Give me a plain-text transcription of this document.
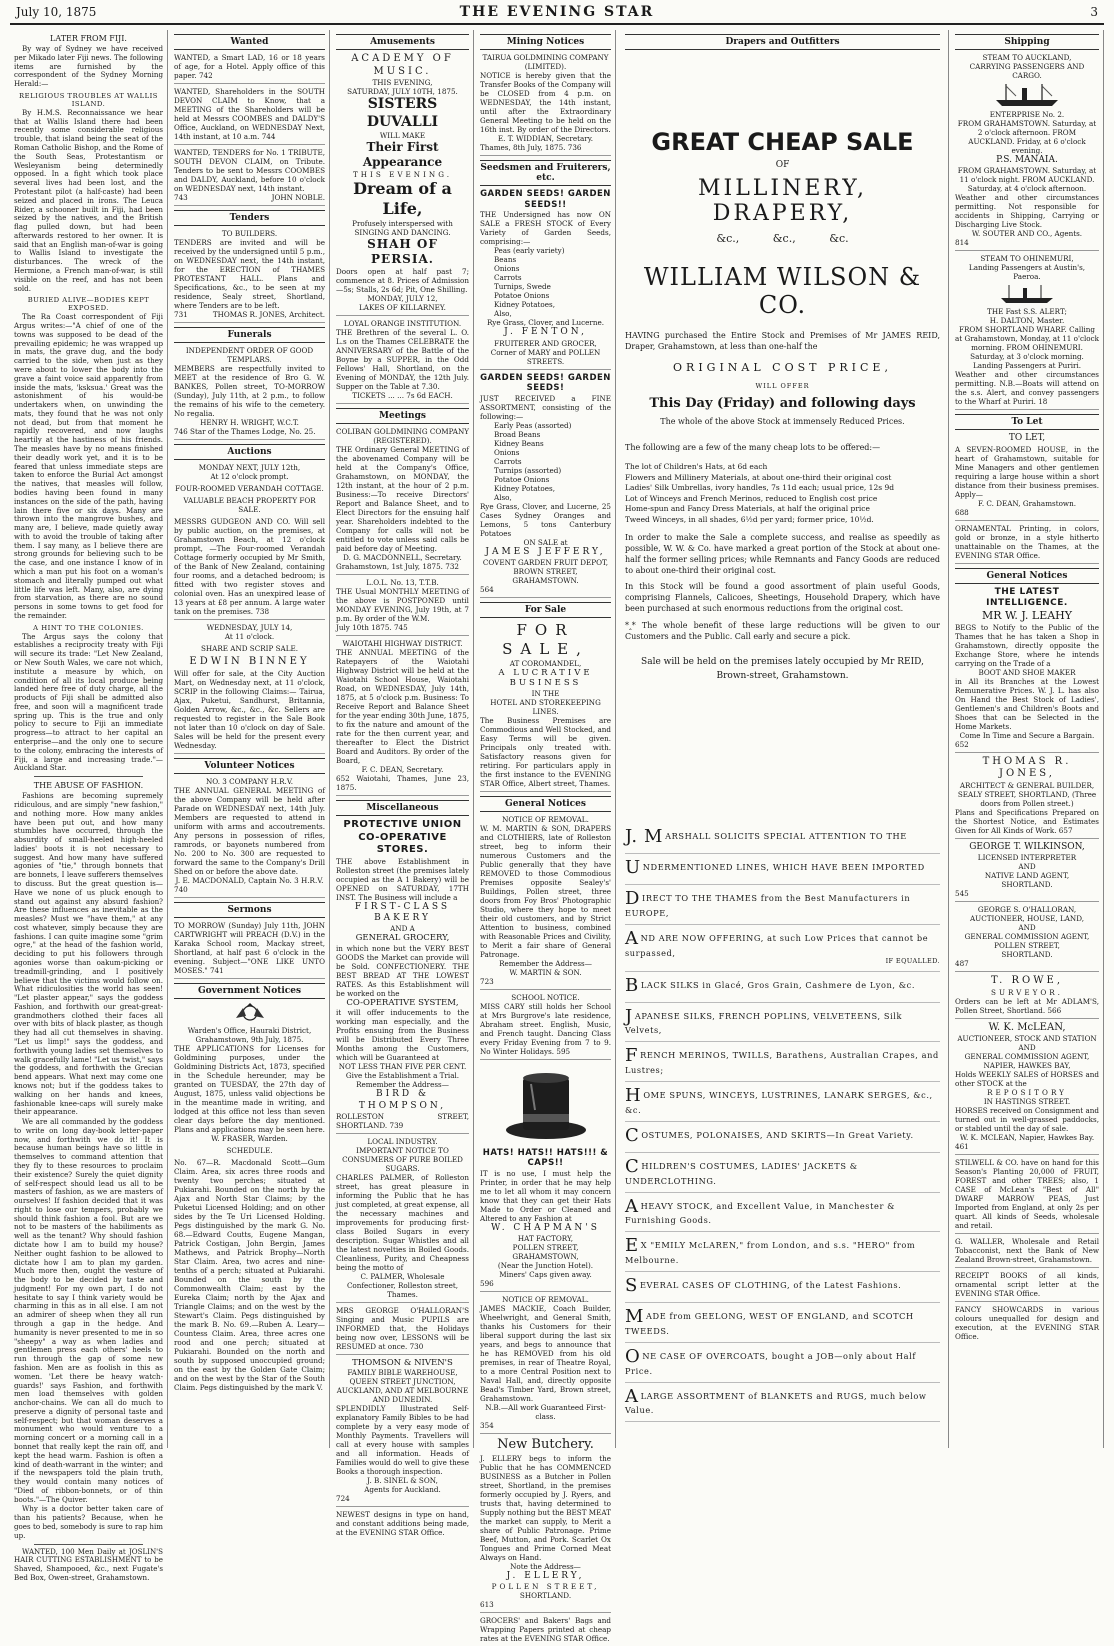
July 10, 1875	THE EVENING STAR	3
LATER FROM FIJI.

By way of Sydney we have received per Mikado later Fiji news. The following items are furnished by the correspondent of the Sydney Morning Herald:—

RELIGIOUS TROUBLES AT WALLIS ISLAND.

By H.M.S. Reconnaissance we hear that at Wallis Island there had been recently some considerable religious trouble, that island being the seat of the Roman Catholic Bishop, and the Rome of the South Seas, Protestantism or Wesleyanism being determinedly opposed. In a fight which took place several lives had been lost, and the Protestant pilot (a half-caste) had been seized and placed in irons. The Leuca Rider, a schooner built in Fiji, had been seized by the natives, and the British flag pulled down, but had been afterwards restored to her owner. It is said that an English man-of-war is going to Wallis Island to investigate the disturbances. The wreck of the Hermione, a French man-of-war, is still visible on the reef, and has not been sold.

BURIED ALIVE—BODIES KEPT EXPOSED.

The Ra Coast correspondent of Fiji Argus writes:—"A chief of one of the towns was supposed to be dead of the prevailing epidemic; he was wrapped up in mats, the grave dug, and the body carried to the side, when just as they were about to lower the body into the grave a faint voice said apparently from inside the mats, 'ksksua.' Great was the astonishment of his would-be undertakers when, on unwinding the mats, they found that he was not only not dead, but from that moment he rapidly recovered, and now laughs heartily at the hastiness of his friends. The measles have by no means finished their deadly work yet, and it is to be feared that unless immediate steps are taken to enforce the Burial Act amongst the natives, that measles will follow, bodies having been found in many instances on the side of the path, having lain there five or six days. Many are thrown into the mangrove bushes, and many are, I believe, made quietly away with to avoid the trouble of taking after them. I say many, as I believe there are strong grounds for believing such to be the case, and one instance I know of in which a man put his foot on a woman's stomach and literally pumped out what little life was left. Many, also, are dying from starvation, as there are no sound persons in some towns to get food for the remainder.

A HINT TO THE COLONIES.

The Argus says the colony that establishes a reciprocity treaty with Fiji will secure its trade: "Let New Zealand, or New South Wales, we care not which, institute a measure by which, on condition of all its local produce being landed here free of duty charge, all the products of Fiji shall be admitted also free, and soon will a magnificent trade spring up. This is the true and only policy to secure to Fiji an immediate progress—to attract to her capital an enterprise—and the only one to secure to the colony, embracing the interests of Fiji, a large and increasing trade."—Auckland Star.

THE ABUSE OF FASHION.

Fashions are becoming supremely ridiculous, and are simply "new fashion," and nothing more. How many ankles have been put out, and how many stumbles have occurred, through the absurdity of small-heeled high-heeled ladies' boots it is not necessary to suggest. And how many have suffered agonies of "tie," through bonnets that are bonnets, I leave sufferers themselves to discuss. But the great question is—Have we none of us pluck enough to stand out against any absurd fashion? Are these influences as inevitable as the measles? Must we "have them," at any cost whatever, simply because they are fashions. I can quite imagine some "grim ogre," at the head of the fashion world, deciding to put his followers through agonies worse than oakum-picking or treadmill-grinding, and I positively believe that the victims would follow on. What ridiculosities the world has seen! "Let plaster appear," says the goddess Fashion, and forthwith our great-great-grandmothers clothed their faces all over with bits of black plaster, as though they had all cut themselves in shaving. "Let us limp!" says the goddess, and forthwith young ladies set themselves to walk gracefully lame! "Let us twist," says the goddess, and forthwith the Grecian bend appears. What next may come one knows not; but if the goddess takes to walking on her hands and knees, fashionable knee-caps will surely make their appearance.

We are all commanded by the goddess to write on long day-book letter-paper now, and forthwith we do it! It is because human beings have so little in themselves to command attention that they fly to these resources to proclaim their existence? Surely the quiet dignity of self-respect should lead us all to be masters of fashion, as we are masters of ourselves! If fashion decided that it was right to lose our tempers, probably we should think fashion a fool. But are we not to be masters of the habiliments as well as the tenant? Why should fashion dictate how I am to build my house? Neither ought fashion to be allowed to dictate how I am to plan my garden. Much more then, ought the vesture of the body to be decided by taste and judgment! For my own part, I do not hesitate to say I think variety would be charming in this as in all else. I am not an admirer of sheep when they all run through a gap in the hedge. And humanity is never presented to me in so "sheepy" a way as when ladies and gentlemen press each others' heels to run through the gap of some new fashion. Men are as foolish in this as women. 'Let there be heavy watch-guards!' says Fashion, and forthwith men load themselves with golden anchor-chains. We can all do much to preserve a dignity of personal taste and self-respect; but that woman deserves a monument who would venture to a morning concert or a morning call in a bonnet that really kept the rain off, and kept the head warm. Fashion is often a kind of death-warrant in the winter; and if the newspapers told the plain truth, they would contain many notices of "Died of ribbon-bonnets, or of thin boots."—The Quiver.

Why is a doctor better taken care of than his patients? Because, when he goes to bed, somebody is sure to rap him up.

WANTED, 100 Men Daily at JOSLIN'S HAIR CUTTING ESTABLISHMENT to be Shaved, Shampooed, &c., next Fugate's Bed Box, Owen-street, Grahamstown.

Wanted
WANTED, a Smart LAD, 16 or 18 years of age, for a Hotel. Apply office of this paper. 742
WANTED, Shareholders in the SOUTH DEVON CLAIM to Know, that a MEETING of the Shareholders will be held at Messrs COOMBES and DALDY'S Office, Auckland, on WEDNESDAY Next, 14th instant, at 10 a.m. 744
WANTED, TENDERS for No. 1 TRIBUTE, SOUTH DEVON CLAIM, on Tribute. Tenders to be sent to Messrs COOMBES and DALDY, Auckland, before 10 o'clock on WEDNESDAY next, 14th instant.
743	JOHN NOBLE.
Tenders
TO BUILDERS.
TENDERS are invited and will be received by the undersigned until 5 p.m., on WEDNESDAY next, the 14th instant, for the ERECTION of THAMES PROTESTANT HALL. Plans and Specifications, &c., to be seen at my residence, Sealy street, Shortland, where Tenders are to be left.
731	THOMAS R. JONES, Architect.
Funerals
INDEPENDENT ORDER OF GOOD TEMPLARS.
MEMBERS are respectfully invited to MEET at the residence of Bro G. W. BANKES, Pollen street, TO-MORROW (Sunday), July 11th, at 2 p.m., to follow the remains of his wife to the cemetery. No regalia.
HENRY H. WRIGHT, W.C.T.
746 Star of the Thames Lodge, No. 25.
Auctions
MONDAY NEXT, JULY 12th,
At 12 o'clock prompt.
FOUR-ROOMED VERANDAH COTTAGE.
VALUABLE BEACH PROPERTY FOR SALE.
MESSRS GUDGEON AND CO. Will sell by public auction, on the premises, at Grahamstown Beach, at 12 o'clock prompt, —The Four-roomed Verandah Cottage formerly occupied by Mr Smith, of the Bank of New Zealand, containing four rooms, and a detached bedroom; is fitted with two register stoves and colonial oven. Has an unexpired lease of 13 years at £8 per annum. A large water tank on the premises. 738
WEDNESDAY, JULY 14,
At 11 o'clock.
SHARE AND SCRIP SALE.
EDWIN BINNEY
Will offer for sale, at the City Auction Mart, on Wednesday next, at 11 o'clock, SCRIP in the following Claims:— Tairua, Ajax, Puketui, Sandhurst, Britannia, Golden Arrow, &c., &c., &c. Sellers are requested to register in the Sale Book not later than 10 o'clock on day of Sale. Sales will be held for the present every Wednesday.
Volunteer Notices
NO. 3 COMPANY H.R.V.
THE ANNUAL GENERAL MEETING of the above Company will be held after Parade on WEDNESDAY next, 14th July. Members are requested to attend in uniform with arms and accoutrements. Any persons in possession of rifles, ramrods, or bayonets numbered from No. 200 to No. 300 are requested to forward the same to the Company's Drill Shed on or before the above date.
J. E. MACDONALD, Captain No. 3 H.R.V.
740
Sermons
TO MORROW (Sunday) July 11th, JOHN CARTWRIGHT will PREACH (D.V.) in the Karaka School room, Mackay street, Shortland, at half past 6 o'clock in the evening. Subject—"ONE LIKE UNTO MOSES." 741
Government Notices
Warden's Office, Hauraki District, Grahamstown, 9th July, 1875.
THE APPLICATIONS for Licenses for Goldmining purposes, under the Goldmining Districts Act, 1873, specified in the Schedule hereunder, may be granted on TUESDAY, the 27th day of August, 1875, unless valid objections be in the meantime made in writing, and lodged at this office not less than seven clear days before the day mentioned. Plans and applications may be seen here.
W. FRASER, Warden.
SCHEDULE.
No. 67—R. Macdonald Scott—Gum Claim. Area, six acres three roods and twenty two perches; situated at Pukiarahi. Bounded on the north by the Ajax and North Star Claims; by the Puketui Licensed Holding; and on other sides by the Te Uri Licensed Holding. Pegs distinguished by the mark G. No. 68.—Edward Coutts, Eugene Mangan, Patrick Costigan, John Bergin, James Mathews, and Patrick Brophy—North Star Claim. Area, two acres and nine-tenths of a perch; situated at Pukiarahi. Bounded on the south by the Commonwealth Claim; east by the Eureka Claim; north by the Ajax and Triangle Claims; and on the west by the Stewart's Claim. Pegs distinguished by the mark B. No. 69.—Ruben A. Leary—Countess Claim. Area, three acres one rood and one perch; situated at Pukiarahi. Bounded on the north and south by supposed unoccupied ground; on the east by the Golden Gate Claim; and on the west by the Star of the South Claim. Pegs distinguished by the mark V.
Amusements
ACADEMY OF MUSIC.
THIS EVENING,
SATURDAY, JULY 10TH, 1875.
SISTERS DUVALLI
WILL MAKE
Their First Appearance
THIS EVENING.
Dream of a Life,
Profusely interspersed with
SINGING AND DANCING.
SHAH OF PERSIA.
Doors open at half past 7; commence at 8. Prices of Admission—5s; Stalls, 2s 6d; Pit, One Shilling.
MONDAY, JULY 12,
LAKES OF KILLARNEY.
LOYAL ORANGE INSTITUTION.
THE Brethren of the several L. O. L.s on the Thames CELEBRATE the ANNIVERSARY of the Battle of the Boyne by a SUPPER, in the Odd Fellows' Hall, Shortland, on the Evening of MONDAY, the 12th July. Supper on the Table at 7.30.
TICKETS ... ... 7s 6d EACH.
Meetings
COLIBAN GOLDMINING COMPANY (REGISTERED).
THE Ordinary General MEETING of the abovenamed Company will be held at the Company's Office, Grahamstown, on MONDAY, the 12th instant, at the hour of 2 p.m. Business:—To receive Directors' Report and Balance Sheet, and to Elect Directors for the ensuing half year. Shareholders indebted to the Company for calls will not be entitled to vote unless said calls be paid before day of Meeting.
D. G. MACDONNELL, Secretary.
Grahamstown, 1st July, 1875. 732
L.O.L. No. 13, T.T.B.
THE Usual MONTHLY MEETING of the above is POSTPONED until MONDAY EVENING, July 19th, at 7 p.m. By order of the W.M.
July 10th 1875. 745
WAIOTAHI HIGHWAY DISTRICT.
THE ANNUAL MEETING of the Ratepayers of the Waiotahi Highway District will be held at the Waiotahi School House, Waiotahi Road, on WEDNESDAY, July 14th, 1875, at 5 o'clock p.m. Business: To Receive Report and Balance Sheet for the year ending 30th June, 1875, to fix the nature and amount of the rate for the then current year, and thereafter to Elect the District Board and Auditors. By order of the Board,
F. C. DEAN, Secretary.
652 Waiotahi, Thames, June 23, 1875.
Miscellaneous
PROTECTIVE UNION CO-OPERATIVE STORES.
THE above Establishment in Rolleston street (the premises lately occupied as the A 1 Bakery) will be OPENED on SATURDAY, 17TH INST. The Business will include a
FIRST-CLASS BAKERY
AND A
GENERAL GROCERY,
in which none but the VERY BEST GOODS the Market can provide will be Sold. CONFECTIONERY. THE BEST BREAD AT THE LOWEST RATES. As this Establishment will be worked on the
CO-OPERATIVE SYSTEM,
it will offer inducements to the working man especially, and the Profits ensuing from the Business will be Distributed Every Three Months among the Customers, which will be Guaranteed at
NOT LESS THAN FIVE PER CENT.
Give the Establishment a Trial.
Remember the Address—
BIRD & THOMPSON,
ROLLESTON STREET, SHORTLAND. 739
LOCAL INDUSTRY.
IMPORTANT NOTICE TO CONSUMERS OF PURE BOILED SUGARS.
CHARLES PALMER, of Rolleston street, has great pleasure in informing the Public that he has just completed, at great expense, all the necessary machines and improvements for producing first-class Boiled Sugars in every description. Sugar Whistles and all the latest novelties in Boiled Goods. Cleanliness, Purity, and Cheapness being the motto of
C. PALMER, Wholesale Confectioner, Rolleston street, Thames.
MRS GEORGE O'HALLORAN'S Singing and Music PUPILS are INFORMED that, the Holidays being now over, LESSONS will be RESUMED at once. 730
THOMSON & NIVEN'S
FAMILY BIBLE WAREHOUSE,
QUEEN STREET JUNCTION, AUCKLAND, AND AT MELBOURNE AND DUNEDIN.
SPLENDIDLY Illustrated Self-explanatory Family Bibles to be had complete by a very easy mode of Monthly Payments. Travellers will call at every house with samples and all information. Heads of Families would do well to give these Books a thorough inspection.
J. B. SINEL & SON,
Agents for Auckland.
724
NEWEST designs in type on hand, and constant additions being made, at the EVENING STAR Office.
Mining Notices
TAIRUA GOLDMINING COMPANY (LIMITED).
NOTICE is hereby given that the Transfer Books of the Company will be CLOSED from 4 p.m. on WEDNESDAY, the 14th instant, until after the Extraordinary General Meeting to be held on the 16th inst. By order of the Directors.
E. T. WIDDIAN, Secretary.
Thames, 8th July, 1875. 736
Seedsmen and Fruiterers, etc.
GARDEN SEEDS! GARDEN SEEDS!!
THE Undersigned has now ON SALE a FRESH STOCK of Every Variety of Garden Seeds, comprising:—
Peas (early variety)
Beans
Onions
Carrots
Turnips, Swede
Potatoe Onions
Kidney Potatoes,
Also,
Rye Grass, Clover, and Lucerne.
J. FENTON,
FRUITERER AND GROCER,
Corner of MARY and POLLEN STREETS.
GARDEN SEEDS! GARDEN SEEDS!
JUST RECEIVED a FINE ASSORTMENT, consisting of the following:—
Early Peas (assorted)
Broad Beans
Kidney Beans
Onions
Carrots
Turnips (assorted)
Potatoe Onions
Kidney Potatoes,
Also,
Rye Grass, Clover, and Lucerne, 25 Cases Sydney Oranges and Lemons, 5 tons Canterbury Potatoes
ON SALE at
JAMES JEFFERY,
COVENT GARDEN FRUIT DEPOT,
BROWN STREET, GRAHAMSTOWN.
564
For Sale
FOR SALE,
AT COROMANDEL,
A LUCRATIVE BUSINESS
IN THE
HOTEL AND STOREKEEPING LINES.
The Business Premises are Commodious and Well Stocked, and Easy Terms will be given. Principals only treated with. Satisfactory reasons given for retiring. For particulars apply in the first instance to the EVENING STAR Office, Albert street, Thames.
General Notices
NOTICE OF REMOVAL.
W. M. MARTIN & SON, DRAPERS and CLOTHIERS, late of Rolleston street, beg to inform their numerous Customers and the Public generally that they have REMOVED to those Commodious Premises opposite Sealey's' Buildings, Pollen street, three doors from Foy Bros' Photographic Studio, where they hope to meet their old customers, and by Strict Attention to business, combined with Reasonable Prices and Civility, to Merit a fair share of General Patronage.
Remember the Address—
W. MARTIN & SON.
723
SCHOOL NOTICE.
MISS CARY still holds her School at Mrs Burgrove's late residence, Abraham street. English, Music, and French taught. Dancing Class every Friday Evening from 7 to 9. No Winter Holidays. 595
HATS! HATS!! HATS!!! & CAPS!!
IT is no use, I must help the Printer, in order that he may help me to let all whom it may concern know that they can get their Hats Made to Order or Cleaned and Altered to any Fashion at
W. CHAPMAN'S
HAT FACTORY,
POLLEN STREET, GRAHAMSTOWN,
(Near the Junction Hotel).
Miners' Caps given away.
596
NOTICE OF REMOVAL.
JAMES MACKIE, Coach Builder, Wheelwright, and General Smith, thanks his Customers for their liberal support during the last six years, and begs to announce that he has REMOVED from his old premises, in rear of Theatre Royal, to a more Central Position next to Naval Hall, and, directly opposite Bead's Timber Yard, Brown street, Grahamstown.
N.B.—All work Guaranteed First-class.
354
New Butchery.
J. ELLERY begs to inform the Public that he has COMMENCED BUSINESS as a Butcher in Pollen street, Shortland, in the premises formerly occupied by J. Ryers, and trusts that, having determined to Supply nothing but the BEST MEAT the market can supply, to Merit a share of Public Patronage. Prime Beef, Mutton, and Pork. Scarlet Ox Tongues and Prime Corned Meat Always on Hand.
Note the Address—
J. ELLERY,
POLLEN STREET,
SHORTLAND.
613
GROCERS' and Bakers' Bags and Wrapping Papers printed at cheap rates at the EVENING STAR Office.
Drapers and Outfitters
GREAT CHEAP SALE
OF
MILLINERY, DRAPERY,
&c., &c., &c.
WILLIAM WILSON & CO.
HAVING purchased the Entire Stock and Premises of Mr JAMES REID, Draper, Grahamstown, at less than one-half the
ORIGINAL COST PRICE,
WILL OFFER
This Day (Friday) and following days
The whole of the above Stock at immensely Reduced Prices.
The following are a few of the many cheap lots to be offered:—
The lot of Children's Hats, at 6d each
Flowers and Millinery Materials, at about one-third their original cost
Ladies' Silk Umbrellas, ivory handles, 7s 11d each; usual price, 12s 9d
Lot of Winceys and French Merinos, reduced to English cost price
Home-spun and Fancy Dress Materials, at half the original price
Tweed Winceys, in all shades, 6½d per yard; former price, 10½d.
In order to make the Sale a complete success, and realise as speedily as possible, W. W. & Co. have marked a great portion of the Stock at about one-half the former selling prices; while Remnants and Fancy Goods are reduced to about one-third their original cost.
In this Stock will be found a good assortment of plain useful Goods, comprising Flannels, Calicoes, Sheetings, Household Drapery, which have been purchased at such enormous reductions from the original cost.
*‸* The whole benefit of these large reductions will be given to our Customers and the Public. Call early and secure a pick.
Sale will be held on the premises lately occupied by Mr REID, Brown-street, Grahamstown.
J. M ARSHALL SOLICITS SPECIAL ATTENTION TO THE
UNDERMENTIONED LINES, WHICH HAVE BEEN IMPORTED
DIRECT TO THE THAMES from the Best Manufacturers in EUROPE,
AND ARE NOW OFFERING, at such Low Prices that cannot be surpassed,
IF EQUALLED.
BLACK SILKS in Glacé, Gros Grain, Cashmere de Lyon, &c.
JAPANESE SILKS, FRENCH POPLINS, VELVETEENS, Silk Velvets,
FRENCH MERINOS, TWILLS, Barathens, Australian Crapes, and Lustres;
HOME SPUNS, WINCEYS, LUSTRINES, LANARK SERGES, &c., &c.
COSTUMES, POLONAISES, AND SKIRTS—In Great Variety.
CHILDREN'S COSTUMES, LADIES' JACKETS & UNDERCLOTHING.
AHEAVY STOCK, and Excellent Value, in Manchester & Furnishing Goods.
E X "EMILY McLAREN," from London, and s.s. "HERO" from Melbourne.
SEVERAL CASES OF CLOTHING, of the Latest Fashions.
MADE from GEELONG, WEST OF ENGLAND, and SCOTCH TWEEDS.
ONE CASE OF OVERCOATS, bought a JOB—only about Half Price.
ALARGE ASSORTMENT of BLANKETS and RUGS, much below Value.
Shipping
STEAM TO AUCKLAND,
CARRYING PASSENGERS AND CARGO.
ENTERPRISE No. 2.
FROM GRAHAMSTOWN. Saturday, at 2 o'clock afternoon. FROM AUCKLAND. Friday, at 6 o'clock evening.
P.S. MANAIA.
FROM GRAHAMSTOWN. Saturday, at 11 o'clock night. FROM AUCKLAND. Saturday, at 4 o'clock afternoon.
Weather and other circumstances permitting. Not responsible for accidents in Shipping, Carrying or Discharging Live Stock.
W. SOUTER AND CO., Agents.
814
STEAM TO OHINEMURI,
Landing Passengers at Austin's, Paeroa.
THE Fast S.S. ALERT;
H. DALTON, Master.
FROM SHORTLAND WHARF. Calling at Grahamstown, Monday, at 11 o'clock morning. FROM OHINEMURI. Saturday, at 3 o'clock morning. Landing Passengers at Puriri.
Weather and other circumstances permitting. N.B.—Boats will attend on the s.s. Alert, and convey passengers to the Wharf at Puriri. 18
To Let
TO LET,
A SEVEN-ROOMED HOUSE, in the heart of Grahamstown, suitable for Mine Managers and other gentlemen requiring a large house within a short distance from their business premises. Apply—
F. C. DEAN, Grahamstown.
688
ORNAMENTAL Printing, in colors, gold or bronze, in a style hitherto unattainable on the Thames, at the EVENING STAR Office.
General Notices
THE LATEST INTELLIGENCE.
MR W. J. LEAHY
BEGS to Notify to the Public of the Thames that he has taken a Shop in Grahamstown, directly opposite the Exchange Store, where he intends carrying on the Trade of a
BOOT AND SHOE MAKER
in All its Branches at the Lowest Remunerative Prices. W. J. L. has also On Hand the Best Stock of Ladies', Gentlemen's and Children's Boots and Shoes that can be Selected in the Home Markets.
Come In Time and Secure a Bargain.
652
THOMAS R. JONES,
ARCHITECT & GENERAL BUILDER,
SEALY STREET, SHORTLAND, (Three doors from Pollen street.)
Plans and Specifications Prepared on the Shortest Notice, and Estimates Given for All Kinds of Work. 657
GEORGE T. WILKINSON,
LICENSED INTERPRETER
AND
NATIVE LAND AGENT,
SHORTLAND.
545
GEORGE S. O'HALLORAN,
AUCTIONEER, HOUSE, LAND,
AND
GENERAL COMMISSION AGENT,
POLLEN STREET,
SHORTLAND.
487
T. ROWE,
SURVEYOR.
Orders can be left at Mr ADLAM'S, Pollen Street, Shortland. 566
W. K. McLEAN,
AUCTIONEER, STOCK AND STATION AND
GENERAL COMMISSION AGENT,
NAPIER, HAWKES BAY,
Holds WEEKLY SALES of HORSES and other STOCK at the
REPOSITORY
IN HASTINGS STREET.
HORSES received on Consignment and turned out in well-grassed paddocks, or stabled until the day of sale.
W. K. MCLEAN, Napier, Hawkes Bay.
461
STILWELL & CO. have on hand for this Season's Planting 20,000 of FRUIT, FOREST and other TREES; also, 1 CASE of McLean's "Best of All" DWARF MARROW PEAS, Just Imported from England, at only 2s per quart. All kinds of Seeds, wholesale and retail.
G. WALLER, Wholesale and Retail Tobacconist, next the Bank of New Zealand Brown-street, Grahamstown.
RECEIPT BOOKS of all kinds, ornamental script letter at the EVENING STAR Office.
FANCY SHOWCARDS in various colours unequalled for design and execution, at the EVENING STAR Office.
